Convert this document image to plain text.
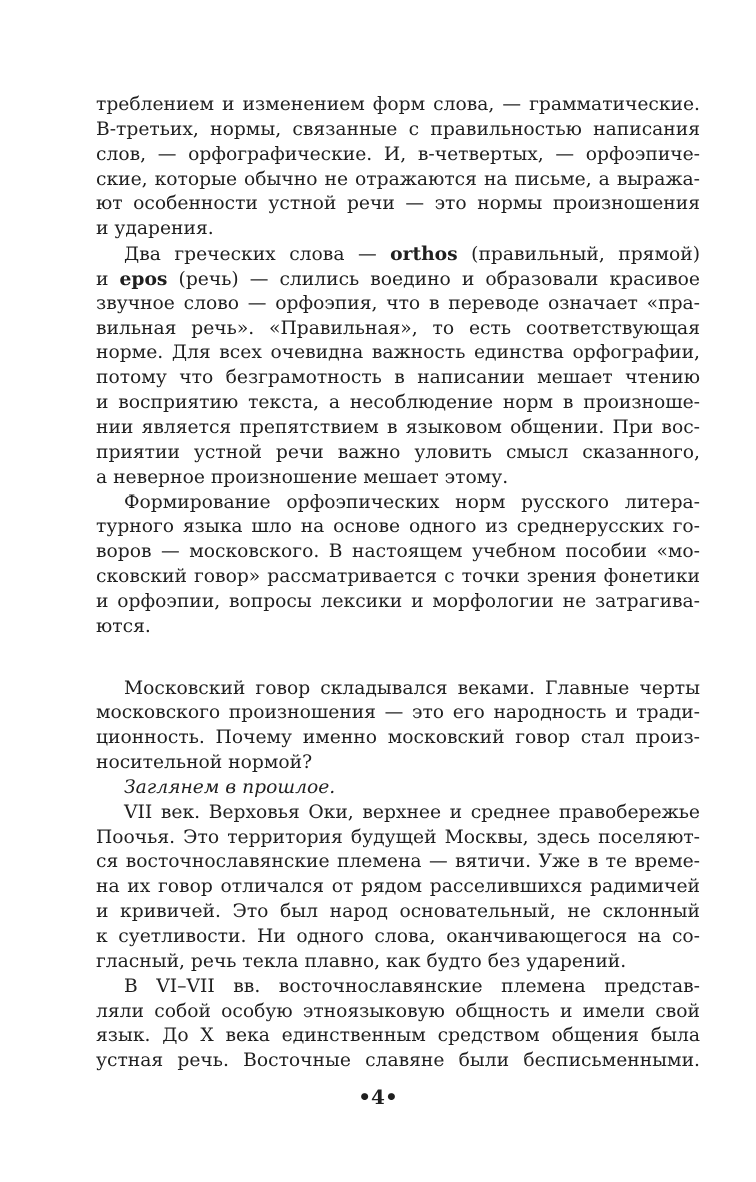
треблением и изменением форм слова, — грамматические.
В-третьих, нормы, связанные с правильностью написания
слов, — орфографические. И, в-четвертых, — орфоэпиче-
ские, которые обычно не отражаются на письме, а выража-
ют особенности устной речи — это нормы произношения
и ударения.
Два греческих слова — orthos (правильный, прямой)
и epos (речь) — слились воедино и образовали красивое
звучное слово — орфоэпия, что в переводе означает «пра-
вильная речь». «Правильная», то есть соответствующая
норме. Для всех очевидна важность единства орфографии,
потому что безграмотность в написании мешает чтению
и восприятию текста, а несоблюдение норм в произноше-
нии является препятствием в языковом общении. При вос-
приятии устной речи важно уловить смысл сказанного,
а неверное произношение мешает этому.
Формирование орфоэпических норм русского литера-
турного языка шло на основе одного из среднерусских го-
воров — московского. В настоящем учебном пособии «мо-
сковский говор» рассматривается с точки зрения фонетики
и орфоэпии, вопросы лексики и морфологии не затрагива-
ются.
Московский говор складывался веками. Главные черты
московского произношения — это его народность и тради-
ционность. Почему именно московский говор стал произ-
носительной нормой?
Заглянем в прошлое.
VII век. Верховья Оки, верхнее и среднее правобережье
Поочья. Это территория будущей Москвы, здесь поселяют-
ся восточнославянские племена — вятичи. Уже в те време-
на их говор отличался от рядом расселившихся радимичей
и кривичей. Это был народ основательный, не склонный
к суетливости. Ни одного слова, оканчивающегося на со-
гласный, речь текла плавно, как будто без ударений.
В VI–VII вв. восточнославянские племена представ-
ляли собой особую этноязыковую общность и имели свой
язык. До X века единственным средством общения была
устная речь. Восточные славяне были бесписьменными.
•4•
